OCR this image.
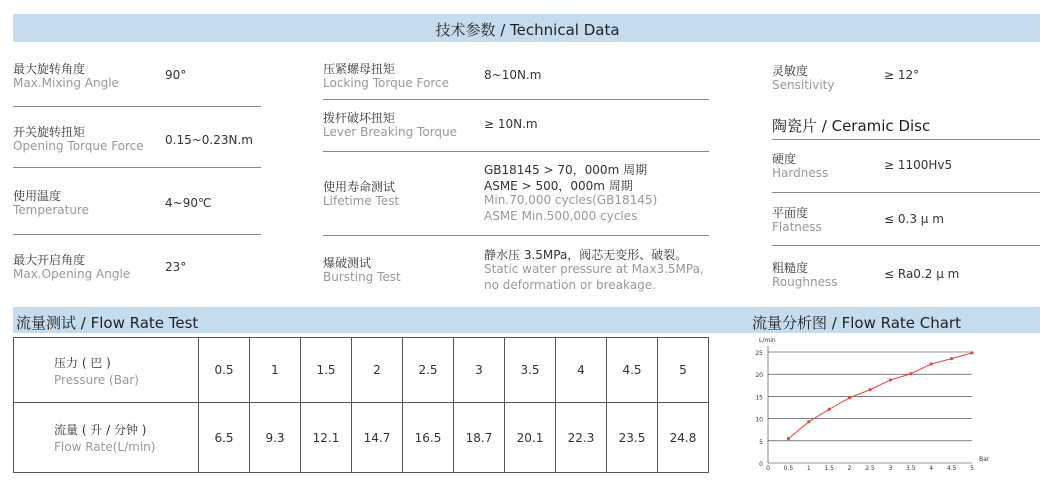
技术参数 / Technical Data
最大旋转角度
Max.Mixing Angle
90°
开关旋转扭矩
Opening Torque Force 0.15~0.23N.m
使用温度
Temperature	4~90℃
最大开启角度
Max.Opening Angle	23°
压紧螺母扭矩
Locking Torque Force
8~10N.m
拨杆破坏扭矩
Lever Breaking Torque
≥ 10N.m
使用寿命测试
Lifetime Test
GB18145 > 70，000m 周期
ASME > 500，000m 周期
Min.70,000 cycles(GB18145)
ASME Min.500,000 cycles
爆破测试
Bursting Test
静水压 3.5MPa，阀芯无变形、破裂。
Static water pressure at Max3.5MPa,
no deformation or breakage.
灵敏度
Sensitivity
≥ 12°
陶瓷片 / Ceramic Disc
硬度
Hardness
≥ 1100Hv5
平面度
Flatness
≤ 0.3 μ m
粗糙度
Roughness
≤ Ra0.2 μ m
流量测试 / Flow Rate Test	流量分析图 / Flow Rate Chart
压力 ( 巴 )
Pressure (Bar)	0.5	1	1.5	2	2.5	3	3.5	4	4.5	5

流量 ( 升 / 分钟 )
Flow Rate(L/min)	6.5	9.3	12.1	14.7	16.5	18.7	20.1	22.3	23.5	24.8
0
5
10
15
20
25
0 0.5 1 1.5 2 2.5 3 3.5 4 4.5 5
L/min
Bar
